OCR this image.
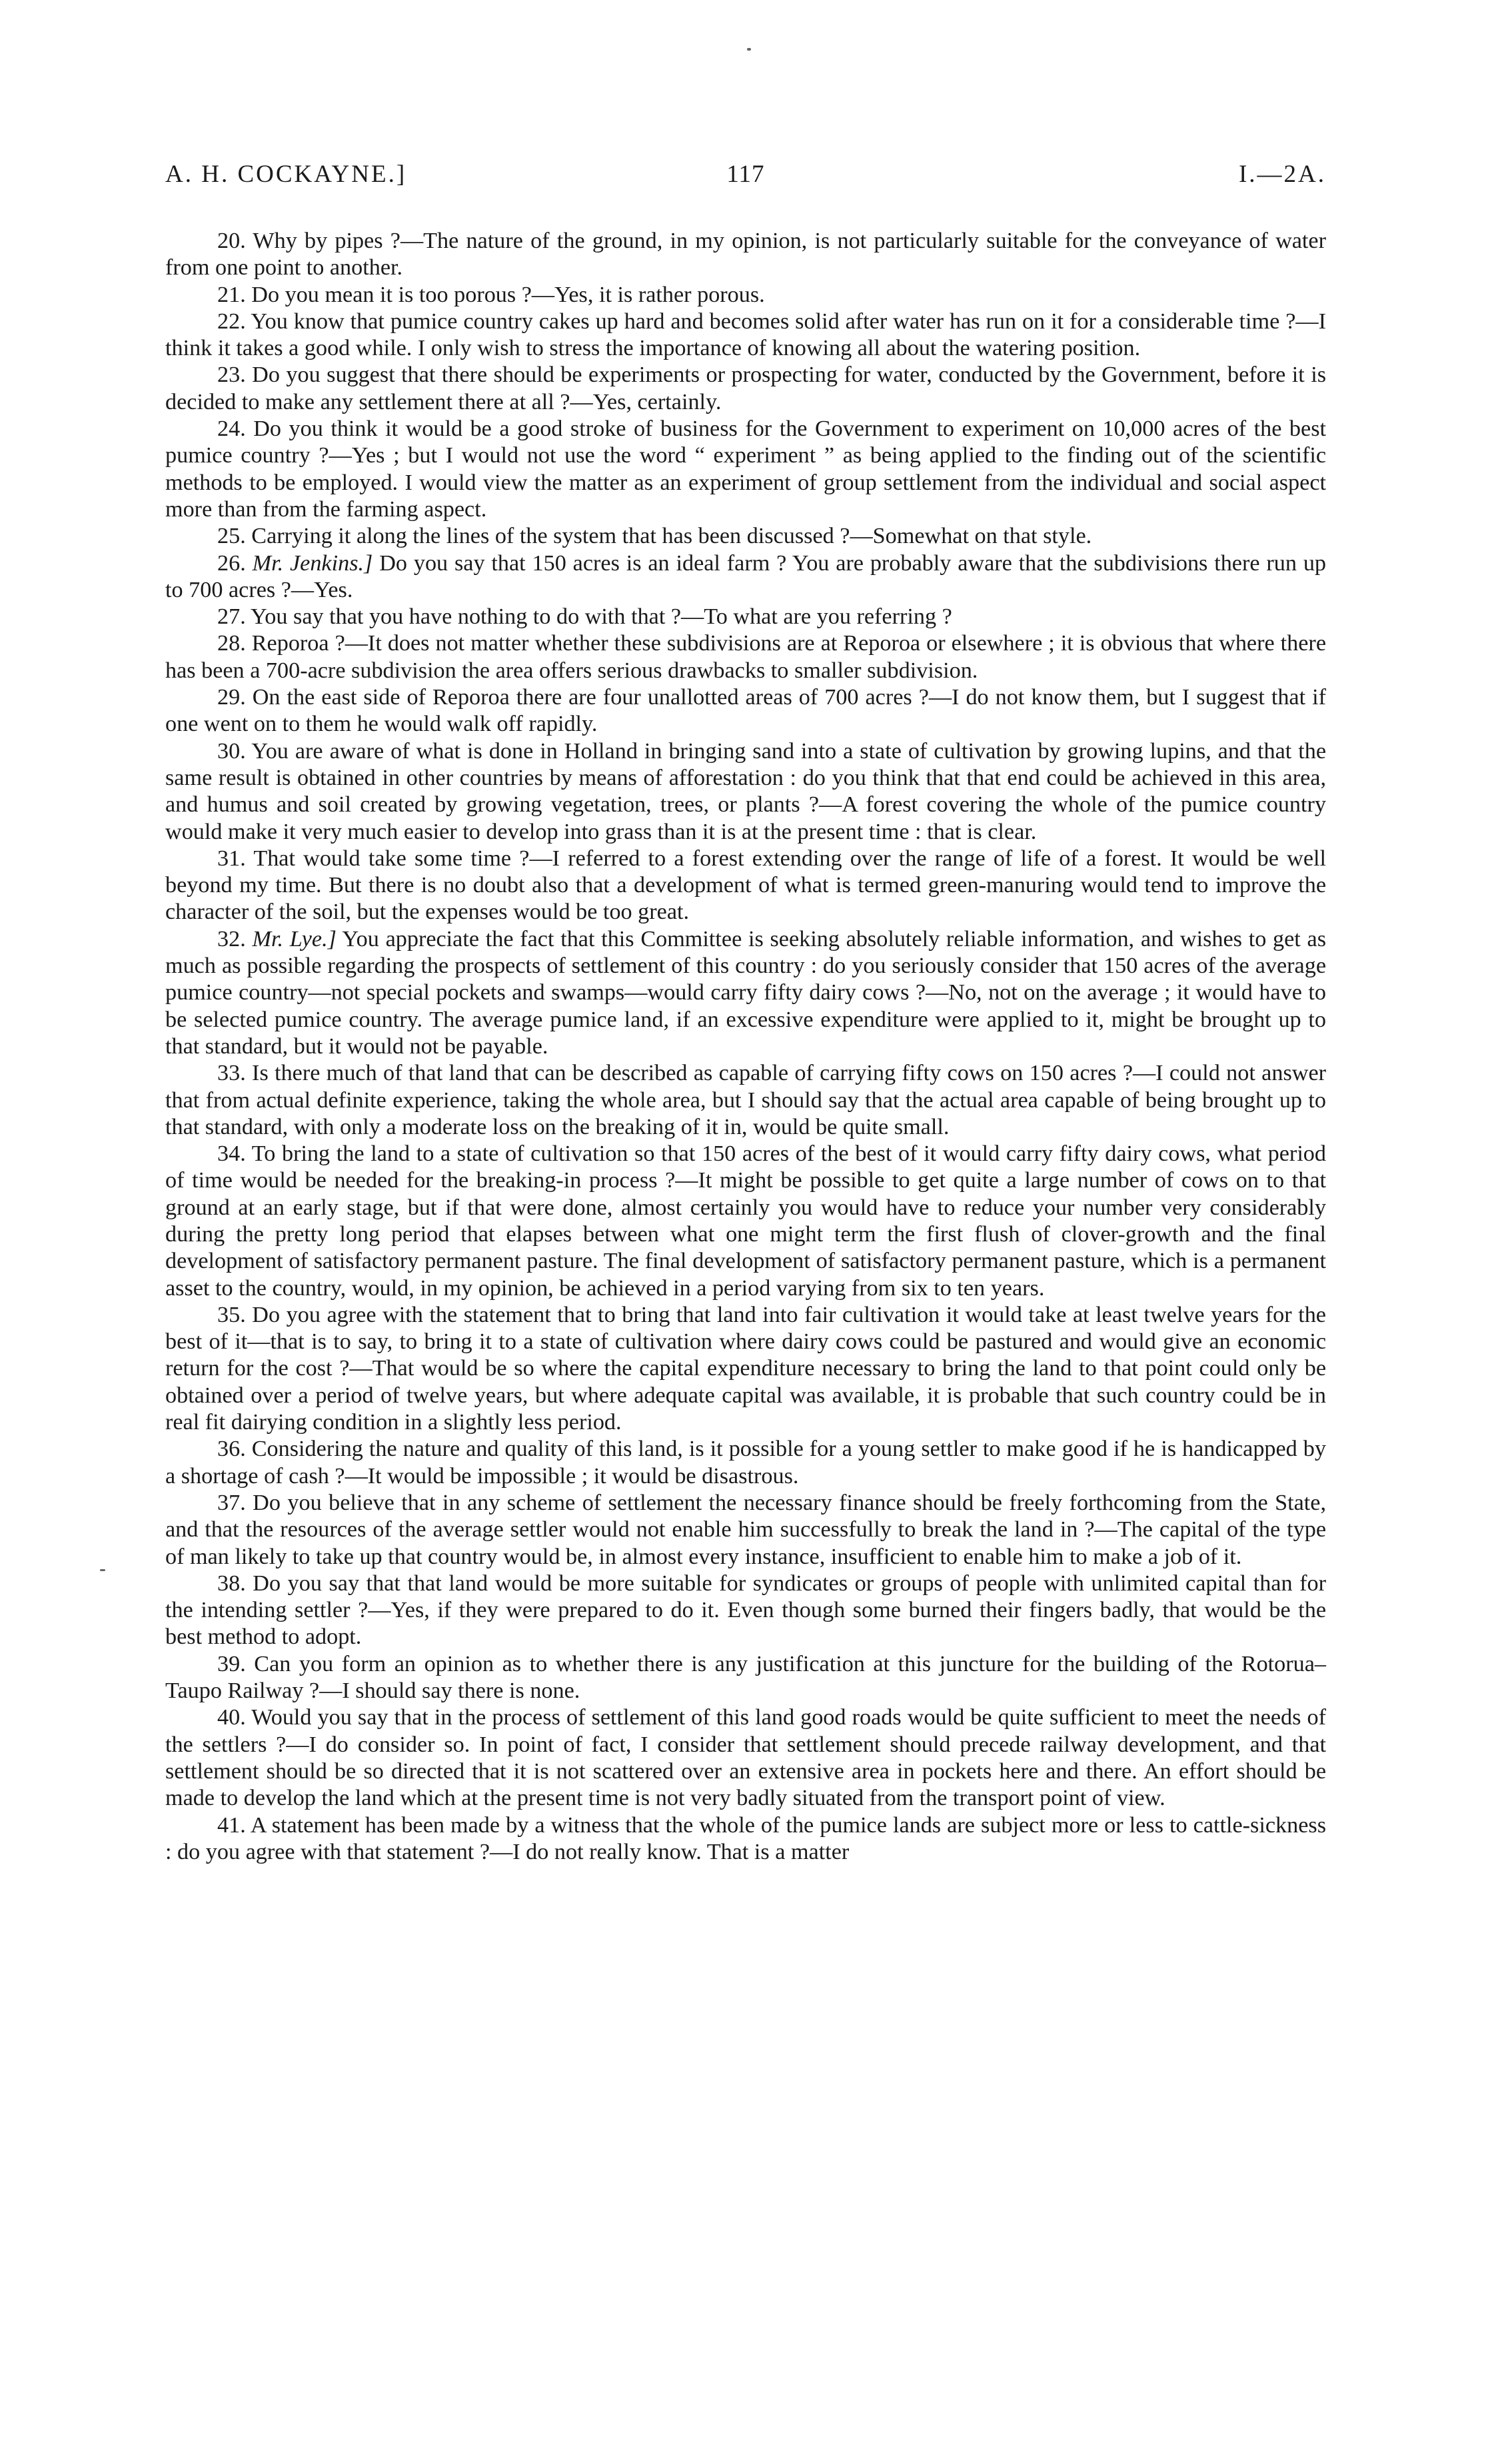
A. H. COCKAYNE.]	117	I.—2A.

20. Why by pipes ?—The nature of the ground, in my opinion, is not particularly suitable for the conveyance of water from one point to another.

21. Do you mean it is too porous ?—Yes, it is rather porous.

22. You know that pumice country cakes up hard and becomes solid after water has run on it for a considerable time ?—I think it takes a good while. I only wish to stress the importance of knowing all about the watering position.

23. Do you suggest that there should be experiments or prospecting for water, conducted by the Government, before it is decided to make any settlement there at all ?—Yes, certainly.

24. Do you think it would be a good stroke of business for the Government to experiment on 10,000 acres of the best pumice country ?—Yes ; but I would not use the word “ experiment ” as being applied to the finding out of the scientific methods to be employed. I would view the matter as an experiment of group settlement from the individual and social aspect more than from the farming aspect.

25. Carrying it along the lines of the system that has been discussed ?—Somewhat on that style.

26. Mr. Jenkins.] Do you say that 150 acres is an ideal farm ? You are probably aware that the subdivisions there run up to 700 acres ?—Yes.

27. You say that you have nothing to do with that ?—To what are you referring ?

28. Reporoa ?—It does not matter whether these subdivisions are at Reporoa or elsewhere ; it is obvious that where there has been a 700-acre subdivision the area offers serious drawbacks to smaller subdivision.

29. On the east side of Reporoa there are four unallotted areas of 700 acres ?—I do not know them, but I suggest that if one went on to them he would walk off rapidly.

30. You are aware of what is done in Holland in bringing sand into a state of cultivation by growing lupins, and that the same result is obtained in other countries by means of afforestation : do you think that that end could be achieved in this area, and humus and soil created by growing vegetation, trees, or plants ?—A forest covering the whole of the pumice country would make it very much easier to develop into grass than it is at the present time : that is clear.

31. That would take some time ?—I referred to a forest extending over the range of life of a forest. It would be well beyond my time. But there is no doubt also that a development of what is termed green-manuring would tend to improve the character of the soil, but the expenses would be too great.

32. Mr. Lye.] You appreciate the fact that this Committee is seeking absolutely reliable information, and wishes to get as much as possible regarding the prospects of settlement of this country : do you seriously consider that 150 acres of the average pumice country—not special pockets and swamps—would carry fifty dairy cows ?—No, not on the average ; it would have to be selected pumice country. The average pumice land, if an excessive expenditure were applied to it, might be brought up to that standard, but it would not be payable.

33. Is there much of that land that can be described as capable of carrying fifty cows on 150 acres ?—I could not answer that from actual definite experience, taking the whole area, but I should say that the actual area capable of being brought up to that standard, with only a moderate loss on the breaking of it in, would be quite small.

34. To bring the land to a state of cultivation so that 150 acres of the best of it would carry fifty dairy cows, what period of time would be needed for the breaking-in process ?—It might be possible to get quite a large number of cows on to that ground at an early stage, but if that were done, almost certainly you would have to reduce your number very considerably during the pretty long period that elapses between what one might term the first flush of clover-growth and the final development of satisfactory permanent pasture. The final development of satisfactory permanent pasture, which is a permanent asset to the country, would, in my opinion, be achieved in a period varying from six to ten years.

35. Do you agree with the statement that to bring that land into fair cultivation it would take at least twelve years for the best of it—that is to say, to bring it to a state of cultivation where dairy cows could be pastured and would give an economic return for the cost ?—That would be so where the capital expenditure necessary to bring the land to that point could only be obtained over a period of twelve years, but where adequate capital was available, it is probable that such country could be in real fit dairying condition in a slightly less period.

36. Considering the nature and quality of this land, is it possible for a young settler to make good if he is handicapped by a shortage of cash ?—It would be impossible ; it would be disastrous.

37. Do you believe that in any scheme of settlement the necessary finance should be freely forthcoming from the State, and that the resources of the average settler would not enable him successfully to break the land in ?—The capital of the type of man likely to take up that country would be, in almost every instance, insufficient to enable him to make a job of it.

38. Do you say that that land would be more suitable for syndicates or groups of people with unlimited capital than for the intending settler ?—Yes, if they were prepared to do it. Even though some burned their fingers badly, that would be the best method to adopt.

39. Can you form an opinion as to whether there is any justification at this juncture for the building of the Rotorua–Taupo Railway ?—I should say there is none.

40. Would you say that in the process of settlement of this land good roads would be quite sufficient to meet the needs of the settlers ?—I do consider so. In point of fact, I consider that settlement should precede railway development, and that settlement should be so directed that it is not scattered over an extensive area in pockets here and there. An effort should be made to develop the land which at the present time is not very badly situated from the transport point of view.

41. A statement has been made by a witness that the whole of the pumice lands are subject more or less to cattle-sickness : do you agree with that statement ?—I do not really know. That is a matter
